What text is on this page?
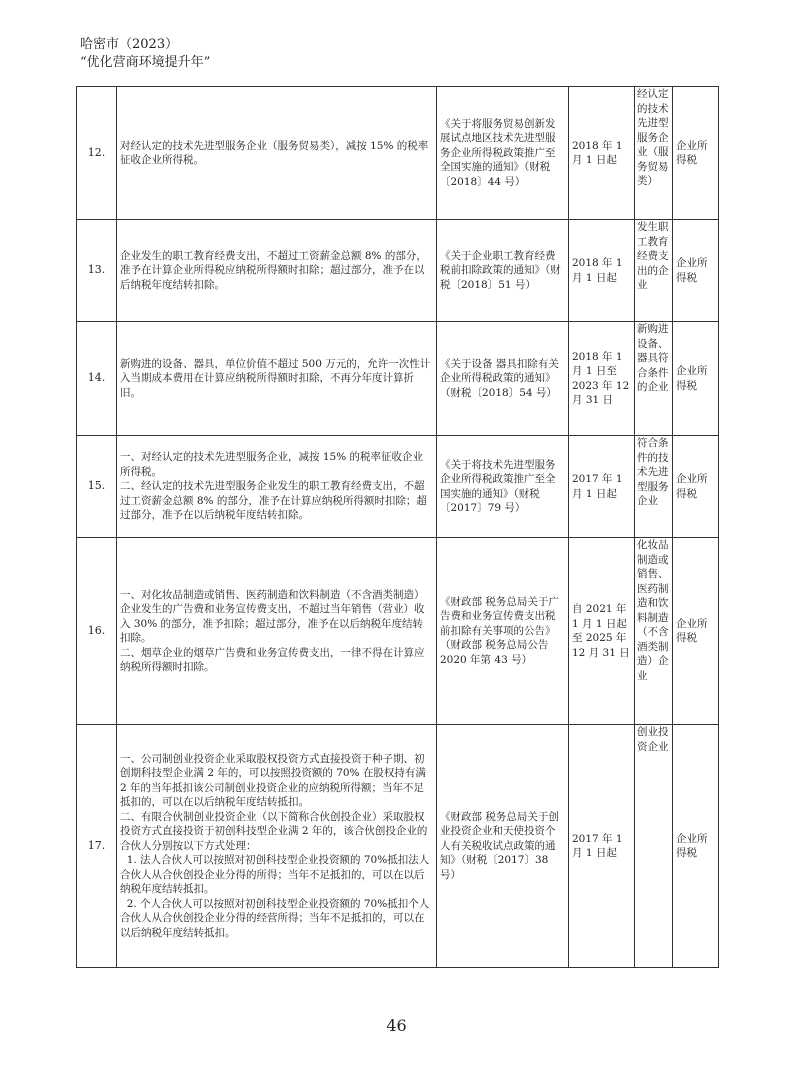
哈密市（2023）
“优化营商环境提升年”
12.	对经认定的技术先进型服务企业（服务贸易类），减按 15% 的税率征收企业所得税。	《关于将服务贸易创新发展试点地区技术先进型服务企业所得税政策推广至全国实施的通知》（财税〔2018〕44 号）	2018 年 1 月 1 日起	经认定的技术先进型服务企业（服务贸易类）	企业所得税
13.	企业发生的职工教育经费支出，不超过工资薪金总额 8% 的部分，准予在计算企业所得税应纳税所得额时扣除；超过部分，准予在以后纳税年度结转扣除。	《关于企业职工教育经费税前扣除政策的通知》（财税〔2018〕51 号）	2018 年 1 月 1 日起	发生职工教育经费支出的企业	企业所得税
14.	新购进的设备、器具，单位价值不超过 500 万元的，允许一次性计入当期成本费用在计算应纳税所得额时扣除，不再分年度计算折旧。	《关于设备 器具扣除有关企业所得税政策的通知》（财税〔2018〕54 号）	2018 年 1 月 1 日至 2023 年 12 月 31 日	新购进设备、器具符合条件的企业	企业所得税
15.	一、对经认定的技术先进型服务企业，减按 15% 的税率征收企业所得税。
二、经认定的技术先进型服务企业发生的职工教育经费支出，不超过工资薪金总额 8% 的部分，准予在计算应纳税所得额时扣除；超过部分，准予在以后纳税年度结转扣除。	《关于将技术先进型服务企业所得税政策推广至全国实施的通知》（财税〔2017〕79 号）	2017 年 1 月 1 日起	符合条件的技术先进型服务企业	企业所得税
16.	一、对化妆品制造或销售、医药制造和饮料制造（不含酒类制造）企业发生的广告费和业务宣传费支出，不超过当年销售（营业）收入 30% 的部分，准予扣除；超过部分，准予在以后纳税年度结转扣除。
二、烟草企业的烟草广告费和业务宣传费支出，一律不得在计算应纳税所得额时扣除。	《财政部 税务总局关于广告费和业务宣传费支出税前扣除有关事项的公告》（财政部 税务总局公告 2020 年第 43 号）	自 2021 年 1 月 1 日起至 2025 年 12 月 31 日	化妆品制造或销售、医药制造和饮料制造（不含酒类制造）企业	企业所得税
17.	一、公司制创业投资企业采取股权投资方式直接投资于种子期、初创期科技型企业满 2 年的，可以按照投资额的 70% 在股权持有满 2 年的当年抵扣该公司制创业投资企业的应纳税所得额；当年不足抵扣的，可以在以后纳税年度结转抵扣。
二、有限合伙制创业投资企业（以下简称合伙创投企业）采取股权投资方式直接投资于初创科技型企业满 2 年的，该合伙创投企业的合伙人分别按以下方式处理：
1. 法人合伙人可以按照对初创科技型企业投资额的 70%抵扣法人合伙人从合伙创投企业分得的所得；当年不足抵扣的，可以在以后纳税年度结转抵扣。
2. 个人合伙人可以按照对初创科技型企业投资额的 70%抵扣个人合伙人从合伙创投企业分得的经营所得；当年不足抵扣的，可以在以后纳税年度结转抵扣。	《财政部 税务总局关于创业投资企业和天使投资个人有关税收试点政策的通知》（财税〔2017〕38 号）	2017 年 1 月 1 日起	创业投资企业	企业所得税
46
